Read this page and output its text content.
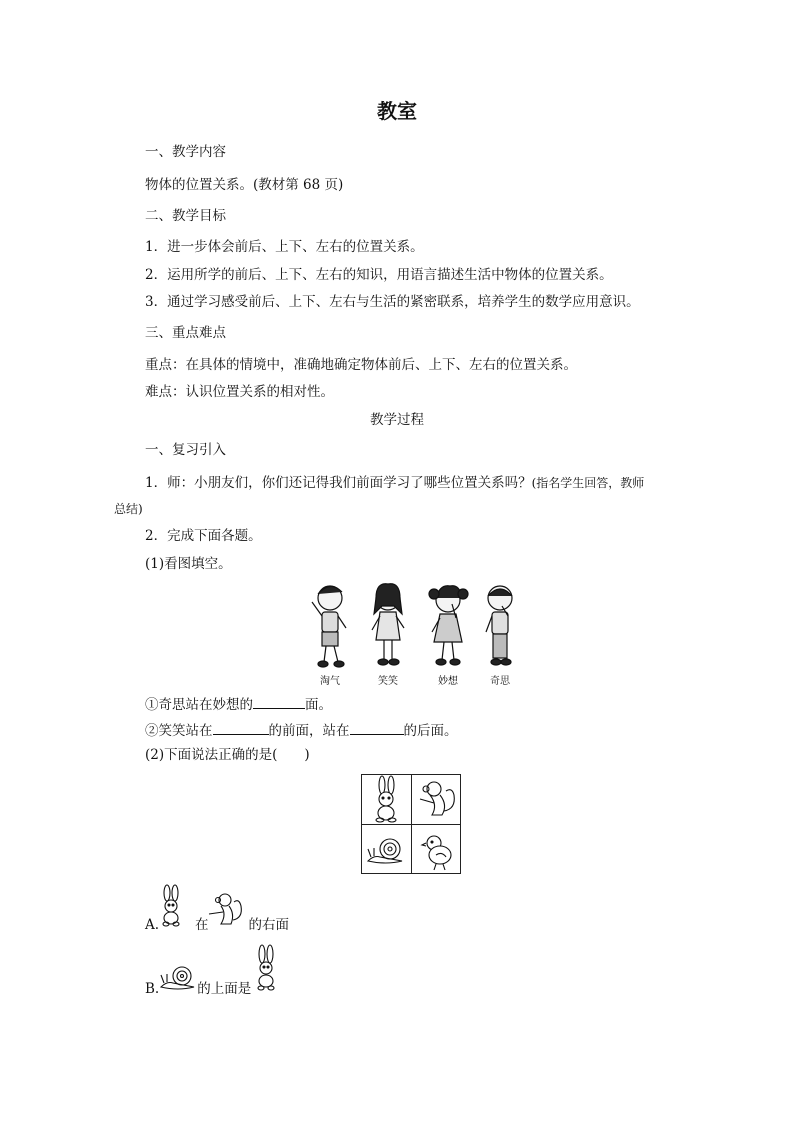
教室
一、教学内容
物体的位置关系。(教材第 68 页)
二、教学目标
1．进一步体会前后、上下、左右的位置关系。
2．运用所学的前后、上下、左右的知识，用语言描述生活中物体的位置关系。
3．通过学习感受前后、上下、左右与生活的紧密联系，培养学生的数学应用意识。
三、重点难点
重点：在具体的情境中，准确地确定物体前后、上下、左右的位置关系。
难点：认识位置关系的相对性。
教学过程
一、复习引入
1．师：小朋友们，你们还记得我们前面学习了哪些位置关系吗？(指名学生回答，教师
总结)
2．完成下面各题。
(1)看图填空。
淘气	笑笑	妙想	奇思
①奇思站在妙想的	面。
②笑笑站在	的前面，站在	的后面。
(2)下面说法正确的是(　　)
A.	在	的右面
B.	的上面是
